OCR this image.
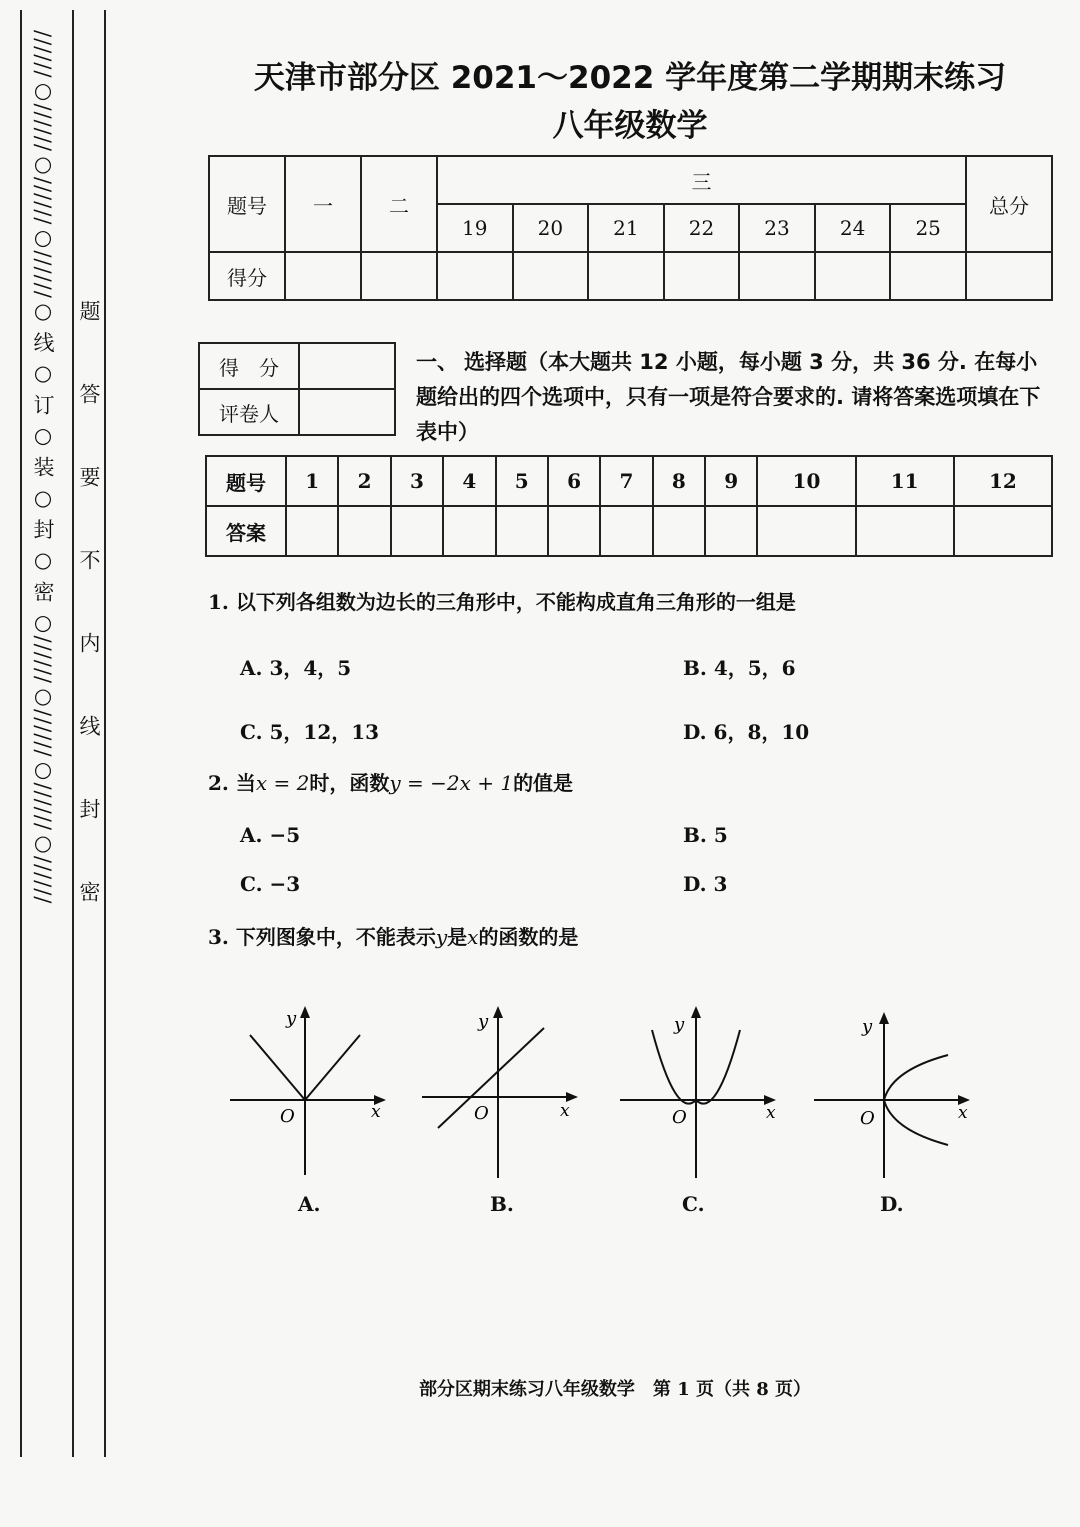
//////○//////○//////○//////○ 线 ○ 订 ○ 装 ○ 封 ○ 密 ○//////○//////○//////○////// 题答要不内线封密
天津市部分区 2021～2022 学年度第二学期期末练习
八年级数学
题号	一	二	三							总分
			19	20	21	22	23	24	25	
得分										
得　分	
评卷人	
一、 选择题（本大题共 12 小题，每小题 3 分，共 36 分. 在每小题给出的四个选项中，只有一项是符合要求的. 请将答案选项填在下表中）
题号	1	2	3	4	5	6	7	8	9	10	11	12
答案												
1. 以下列各组数为边长的三角形中，不能构成直角三角形的一组是
A. 3，4，5	B. 4，5，6
C. 5，12，13	D. 6，8，10
2. 当x = 2时，函数y = −2x + 1的值是
A. −5	B. 5
C. −3	D. 3
3. 下列图象中，不能表示y是x的函数的是
y
O	x
A.
y
O	x
B.
y
O	x
C.
y
O	x
D.
部分区期末练习八年级数学　第 1 页（共 8 页）
